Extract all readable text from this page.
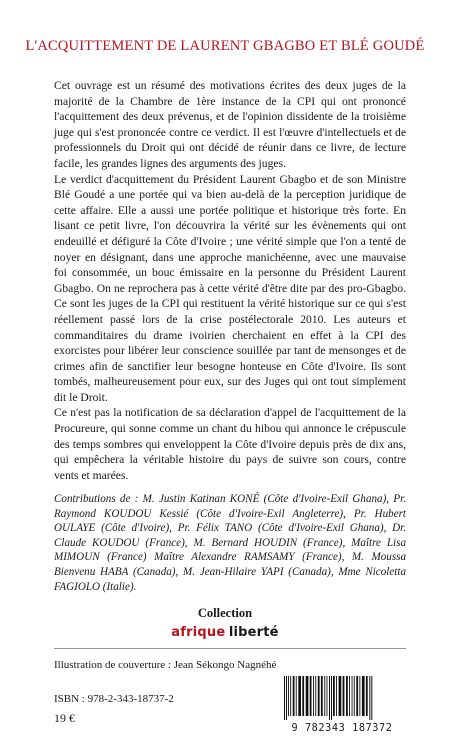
L'ACQUITTEMENT DE LAURENT GBAGBO ET BLÉ GOUDÉ

Cet ouvrage est un résumé des motivations écrites des deux juges de la majorité de la Chambre de 1ère instance de la CPI qui ont prononcé l'acquittement des deux prévenus, et de l'opinion dissidente de la troisième juge qui s'est prononcée contre ce verdict. Il est l'œuvre d'intellectuels et de professionnels du Droit qui ont décidé de réunir dans ce livre, de lecture facile, les grandes lignes des arguments des juges.

Le verdict d'acquittement du Président Laurent Gbagbo et de son Ministre Blé Goudé a une portée qui va bien au-delà de la perception juridique de cette affaire. Elle a aussi une portée politique et historique très forte. En lisant ce petit livre, l'on découvrira la vérité sur les évènements qui ont endeuillé et défiguré la Côte d'Ivoire ; une vérité simple que l'on a tenté de noyer en désignant, dans une approche manichéenne, avec une mauvaise foi consommée, un bouc émissaire en la personne du Président Laurent Gbagbo. On ne reprochera pas à cette vérité d'être dite par des pro-Gbagbo. Ce sont les juges de la CPI qui restituent la vérité historique sur ce qui s'est réellement passé lors de la crise postélectorale 2010. Les auteurs et commanditaires du drame ivoirien cherchaient en effet à la CPI des exorcistes pour libérer leur conscience souillée par tant de mensonges et de crimes afin de sanctifier leur besogne honteuse en Côte d'Ivoire. Ils sont tombés, malheureusement pour eux, sur des Juges qui ont tout simplement dit le Droit.

Ce n'est pas la notification de sa déclaration d'appel de l'acquittement de la Procureure, qui sonne comme un chant du hibou qui annonce le crépuscule des temps sombres qui enveloppent la Côte d'Ivoire depuis près de dix ans, qui empêchera la véritable histoire du pays de suivre son cours, contre vents et marées.

Contributions de : M. Justin Katinan KONÉ (Côte d'Ivoire-Exil Ghana), Pr. Raymond KOUDOU Kessié (Côte d'Ivoire-Exil Angleterre), Pr. Hubert OULAYE (Côte d'Ivoire), Pr. Félix TANO (Côte d'Ivoire-Exil Ghana), Dr. Claude KOUDOU (France), M. Bernard HOUDIN (France), Maître Lisa MIMOUN (France) Maître Alexandre RAMSAMY (France), M. Moussa Bienvenu HABA (Canada), M. Jean-Hilaire YAPI (Canada), Mme Nicoletta FAGIOLO (Italie).
Collection
afrique liberté
Illustration de couverture : Jean Sékongo Nagnéhé
ISBN : 978-2-343-18737-2
19 €
9 782343 187372
